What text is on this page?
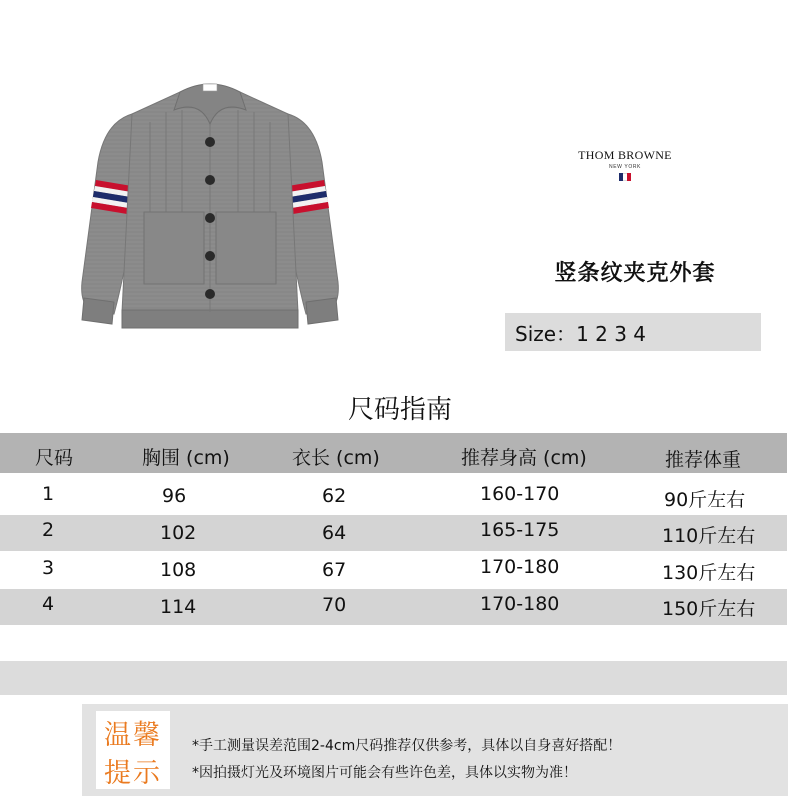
THOM BROWNE
NEW YORK
竖条纹夹克外套
Size：1 2 3 4
尺码指南
尺码	胸围 (cm)	衣长 (cm)	推荐身高 (cm)	推荐体重
1	96	62	160-170	90斤左右
2	102	64	165-175	110斤左右
3	108	67	170-180	130斤左右
4	114	70	170-180	150斤左右
温馨
提示
*手工测量误差范围2-4cm尺码推荐仅供参考，具体以自身喜好搭配！
*因拍摄灯光及环境图片可能会有些许色差，具体以实物为准！
